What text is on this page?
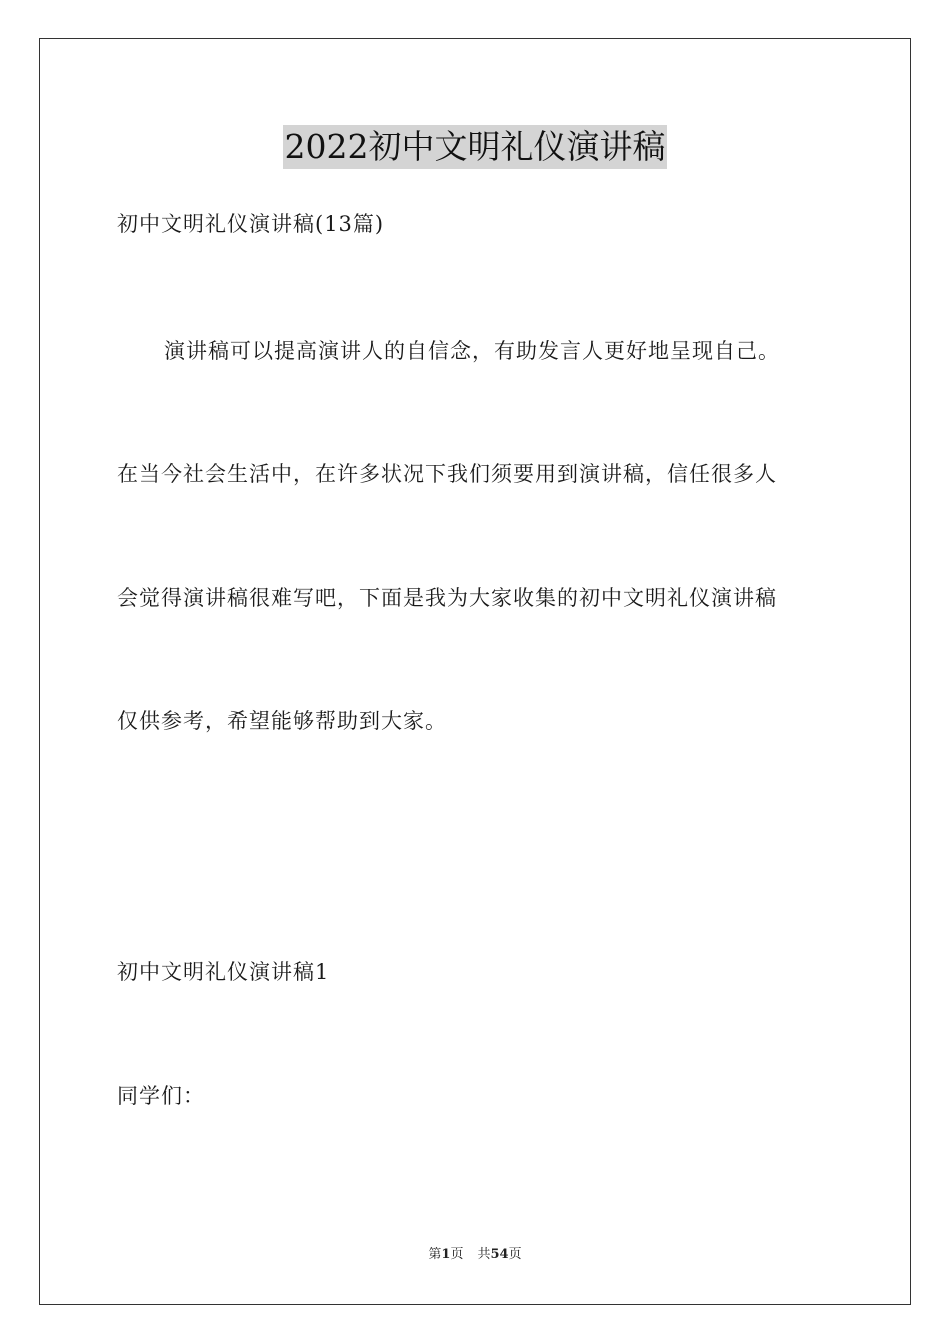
2022初中文明礼仪演讲稿
初中文明礼仪演讲稿(13篇)
演讲稿可以提高演讲人的自信念，有助发言人更好地呈现自己。
在当今社会生活中，在许多状况下我们须要用到演讲稿，信任很多人
会觉得演讲稿很难写吧，下面是我为大家收集的初中文明礼仪演讲稿
仅供参考，希望能够帮助到大家。
初中文明礼仪演讲稿1
同学们：
第1页 共54页
